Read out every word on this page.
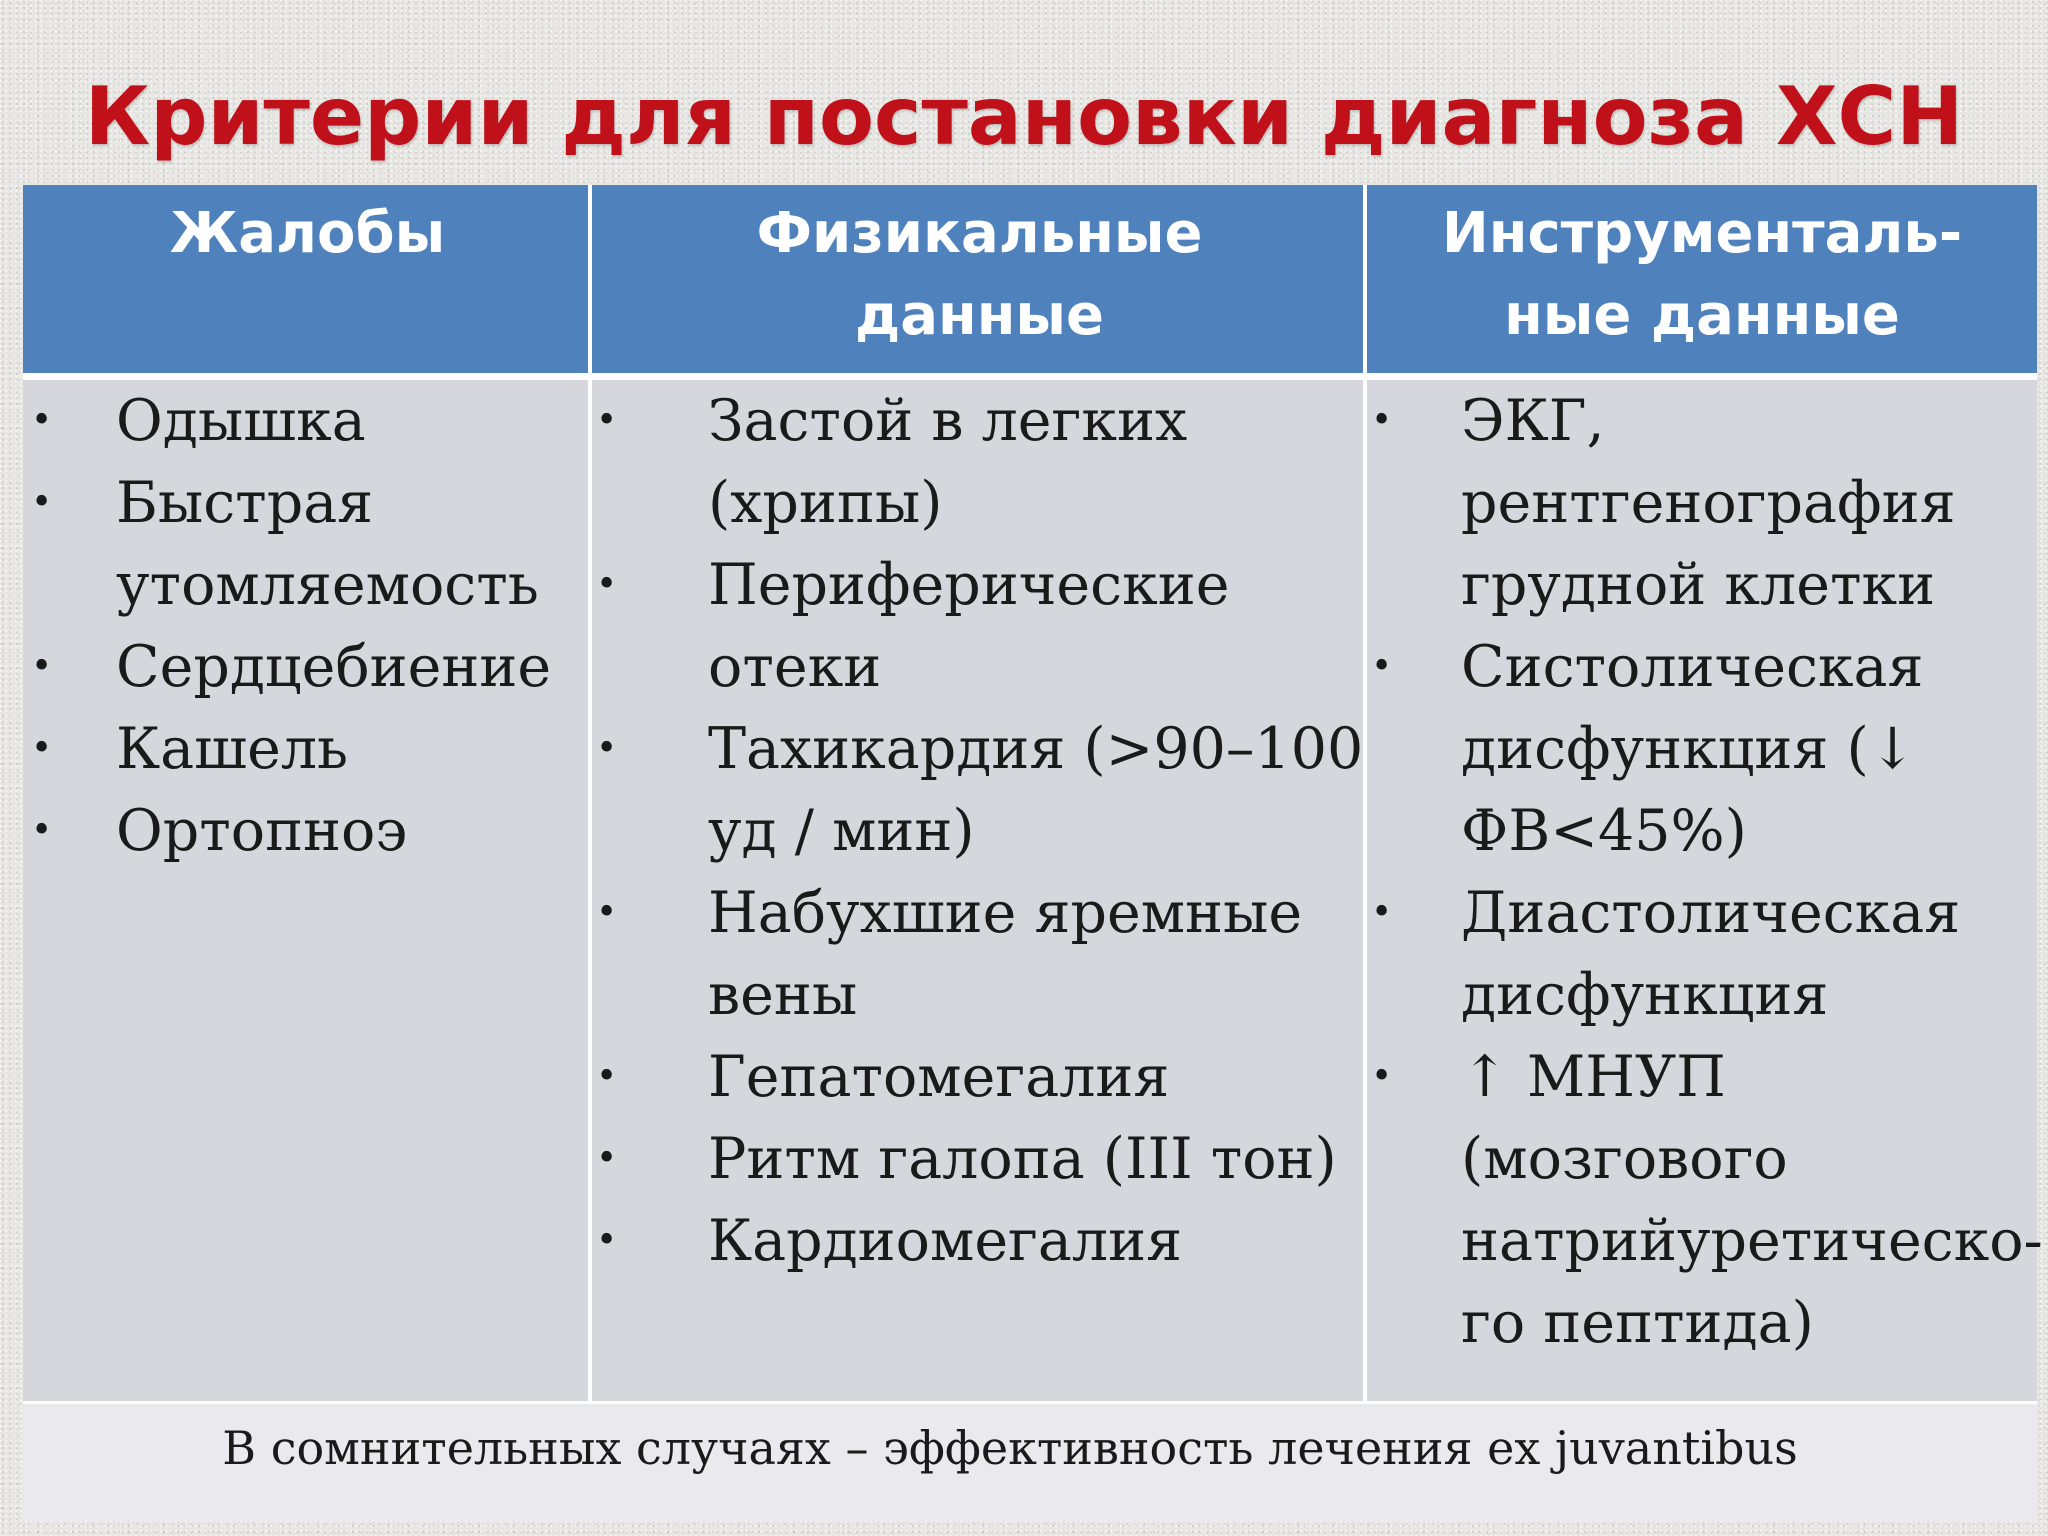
Критерии для постановки диагноза ХСН
Жалобы	Физикальные
данные
Инструменталь-
ные данные
• Одышка
• Быстрая
утомляемость
• Сердцебиение
• Кашель
• Ортопноэ
• Застой в легких
(хрипы)
• Периферические
отеки
• Тахикардия (>90–100
уд / мин)
• Набухшие яремные
вены
• Гепатомегалия
• Ритм галопа (III тон)
• Кардиомегалия
• ЭКГ,
рентгенография
грудной клетки
• Систолическая
дисфункция (↓
ФВ<45%)
• Диастолическая
дисфункция
• ↑ МНУП
(мозгового
натрийуретическо-
го пептида)
В сомнительных случаях – эффективность лечения ex juvantibus
